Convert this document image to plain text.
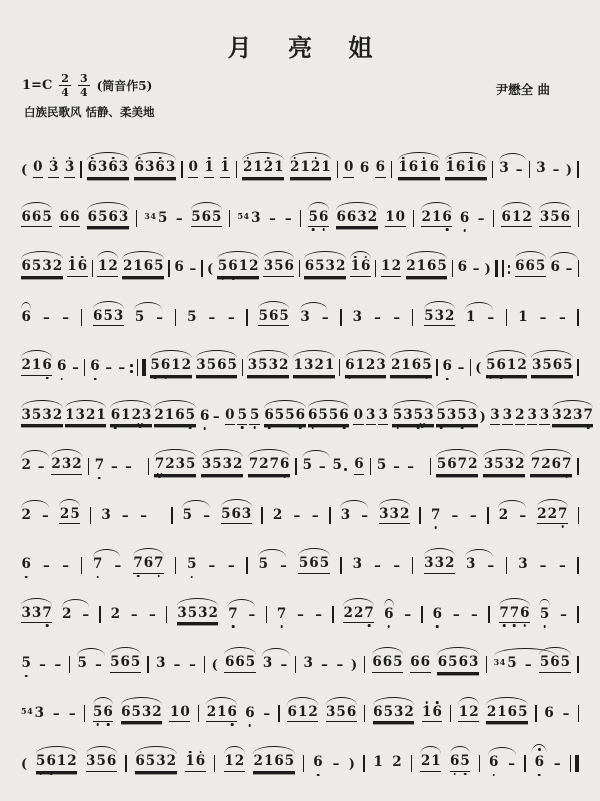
月 亮 姐
$1=C \frac{2}{4} \frac{3}{4}$ (筒音作5)	尹懋全 曲
白族民歌风 恬静、柔美地
( 0 3 3 6 3 6 3 6 3 6 3 0 1 1 2 1 2 1 2 1 2 1 0 6 6 1 6 1 6 1 6 1 6 3 – 3 – )
6 6 5 6 6 6 5 6 3 34 5 – 5 6 5 54 3 – – 5 6 6 6 3 2 1 0 2 1 6 6 – 6 1 2 3 5 6
6 5 3 2 1 6 1 2 2 1 6 5 6 – ( 5 6 1 2 3 5 6 6 5 3 2 1 6 1 2 2 1 6 5 6 – ) 6 6 5 6 –
6 – – 6 5 3 5 – 5 – – 5 6 5 3 – 3 – – 5 3 2 1 – 1 – –
2 1 6 6 – 6 – – 5 6 1 2 3 5 6 5 3 5 3 2 1 3 2 1 6 1 2 3 2 1 6 5 6 – ( 5 6 1 2 3 5 6 5
3 5 3 2 1 3 2 1 6 1 2 3 2 1 6 5 6 – 0 5 5 6 5 5 6 6 5 5 6 0 3 3 5 3 5 3 5 3 5 3 ) 3 3 2 3 3 3 2 3 7
2 – 2 3 2 7 – –
v
7 2 3 5 3 5 3 2 7 2 7 6 5 – 5 6 5 – –
v
5 6 7 2 3 5 3 2 7 2 6 7
2 – 2 5 3 – –
v
5 – 5 6 3 2 – – 3 – 3 3 2 7 – – 2 – 2 2 7
6 – – 7 – 7 6 7 5 – – 5 – 5 6 5 3 – – 3 3 2 3 – 3 – –
3 3 7 2 – 2 – – 3 5 3 2 7 – 7 – – 2 2 7 6 – 6 – – 7 7 6 5 –
5 – – 5 – 5 6 5 3 – – ( 6 6 5 3 – 3 – – ) 6 6 5 6 6 6 5 6 3 34 5 – 5 6 5
54 3 – – 5 6 6 5 3 2 1 0 2 1 6 6 – 6 1 2 3 5 6 6 5 3 2 1 6 1 2 2 1 6 5 6 –
( 5 6 1 2 3 5 6 6 5 3 2 1 6 1 2 2 1 6 5 6 – ) 1 2 2 1 6 5 6 – 6 –
